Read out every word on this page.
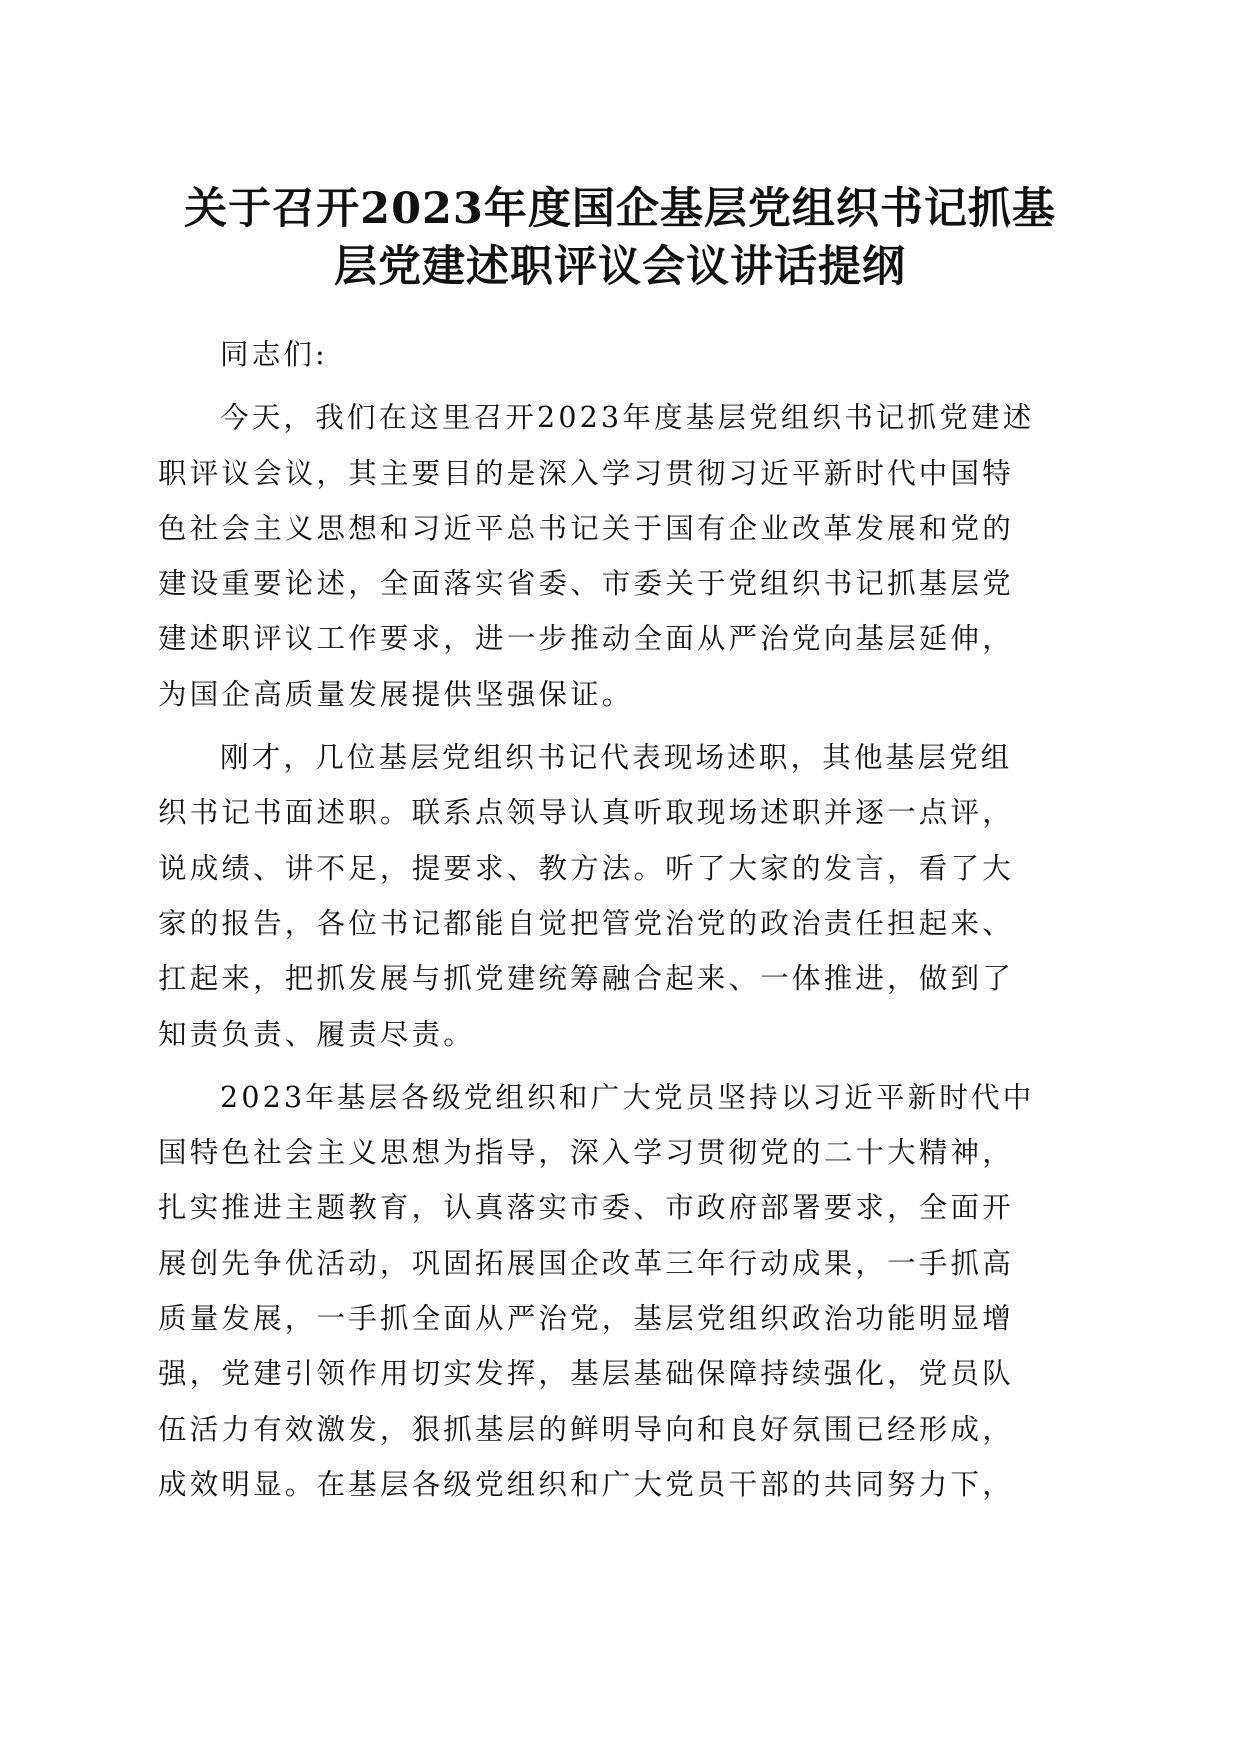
关于召开2023年度国企基层党组织书记抓基
层党建述职评议会议讲话提纲
同志们:
今天，我们在这里召开2023年度基层党组织书记抓党建述
职评议会议，其主要目的是深入学习贯彻习近平新时代中国特
色社会主义思想和习近平总书记关于国有企业改革发展和党的
建设重要论述，全面落实省委、市委关于党组织书记抓基层党
建述职评议工作要求，进一步推动全面从严治党向基层延伸，
为国企高质量发展提供坚强保证。
刚才，几位基层党组织书记代表现场述职，其他基层党组
织书记书面述职。联系点领导认真听取现场述职并逐一点评，
说成绩、讲不足，提要求、教方法。听了大家的发言，看了大
家的报告，各位书记都能自觉把管党治党的政治责任担起来、
扛起来，把抓发展与抓党建统筹融合起来、一体推进，做到了
知责负责、履责尽责。
2023年基层各级党组织和广大党员坚持以习近平新时代中
国特色社会主义思想为指导，深入学习贯彻党的二十大精神，
扎实推进主题教育，认真落实市委、市政府部署要求，全面开
展创先争优活动，巩固拓展国企改革三年行动成果，一手抓高
质量发展，一手抓全面从严治党，基层党组织政治功能明显增
强，党建引领作用切实发挥，基层基础保障持续强化，党员队
伍活力有效激发，狠抓基层的鲜明导向和良好氛围已经形成，
成效明显。在基层各级党组织和广大党员干部的共同努力下，
